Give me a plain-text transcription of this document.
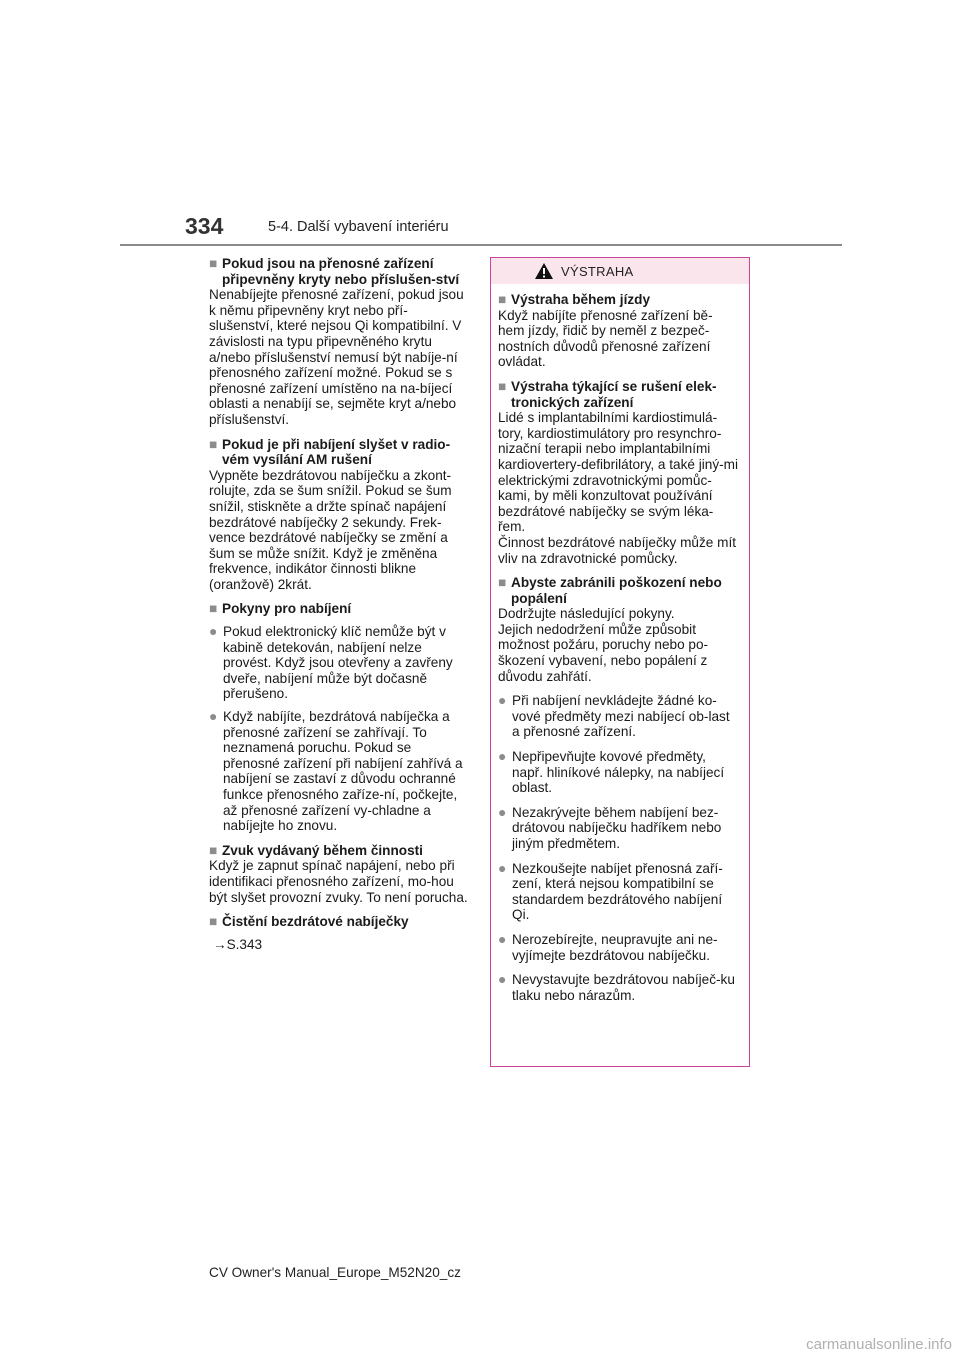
334	5-4. Další vybavení interiéru
■ Pokud jsou na přenosné zařízení připevněny kryty nebo příslušen-ství

Nenabíjejte přenosné zařízení, pokud jsou k němu připevněny kryt nebo pří-slušenství, které nejsou Qi kompatibilní. V závislosti na typu připevněného krytu a/nebo příslušenství nemusí být nabíje-ní přenosného zařízení možné. Pokud se s přenosné zařízení umístěno na na-bíjecí oblasti a nenabíjí se, sejměte kryt a/nebo příslušenství.

■ Pokud je při nabíjení slyšet v radio-vém vysílání AM rušení

Vypněte bezdrátovou nabíječku a zkont-rolujte, zda se šum snížil. Pokud se šum snížil, stiskněte a držte spínač napájení bezdrátové nabíječky 2 sekundy. Frek-vence bezdrátové nabíječky se změní a šum se může snížit. Když je změněna frekvence, indikátor činnosti blikne (oranžově) 2krát.

■ Pokyny pro nabíjení
● Pokud elektronický klíč nemůže být v kabině detekován, nabíjení nelze provést. Když jsou otevřeny a zavřeny dveře, nabíjení může být dočasně přerušeno.
● Když nabíjíte, bezdrátová nabíječka a přenosné zařízení se zahřívají. To neznamená poruchu. Pokud se přenosné zařízení při nabíjení zahřívá a nabíjení se zastaví z důvodu ochranné funkce přenosného zaříze-ní, počkejte, až přenosné zařízení vy-chladne a nabíjejte ho znovu.
■ Zvuk vydávaný během činnosti

Když je zapnut spínač napájení, nebo při identifikaci přenosného zařízení, mo-hou být slyšet provozní zvuky. To není porucha.

■ Čistění bezdrátové nabíječky

→S.343

VÝSTRAHA
■ Výstraha během jízdy

Když nabíjíte přenosné zařízení bě-hem jízdy, řidič by neměl z bezpeč-nostních důvodů přenosné zařízení ovládat.

■ Výstraha týkající se rušení elek-tronických zařízení

Lidé s implantabilními kardiostimulá-tory, kardiostimulátory pro resynchro-nizační terapii nebo implantabilními kardiovertery-defibrilátory, a také jiný-mi elektrickými zdravotnickými pomůc-kami, by měli konzultovat používání bezdrátové nabíječky se svým léka-řem.

Činnost bezdrátové nabíječky může mít vliv na zdravotnické pomůcky.

■ Abyste zabránili poškození nebo popálení

Dodržujte následující pokyny.

Jejich nedodržení může způsobit možnost požáru, poruchy nebo po-škození vybavení, nebo popálení z důvodu zahřátí.

● Při nabíjení nevkládejte žádné ko-vové předměty mezi nabíjecí ob-last a přenosné zařízení.
● Nepřipevňujte kovové předměty, např. hliníkové nálepky, na nabíjecí oblast.
● Nezakrývejte během nabíjení bez-drátovou nabíječku hadříkem nebo jiným předmětem.
● Nezkoušejte nabíjet přenosná zaří-zení, která nejsou kompatibilní se standardem bezdrátového nabíjení Qi.
● Nerozebírejte, neupravujte ani ne-vyjímejte bezdrátovou nabíječku.
● Nevystavujte bezdrátovou nabíječ-ku tlaku nebo nárazům.
CV Owner's Manual_Europe_M52N20_cz
carmanualsonline.info
